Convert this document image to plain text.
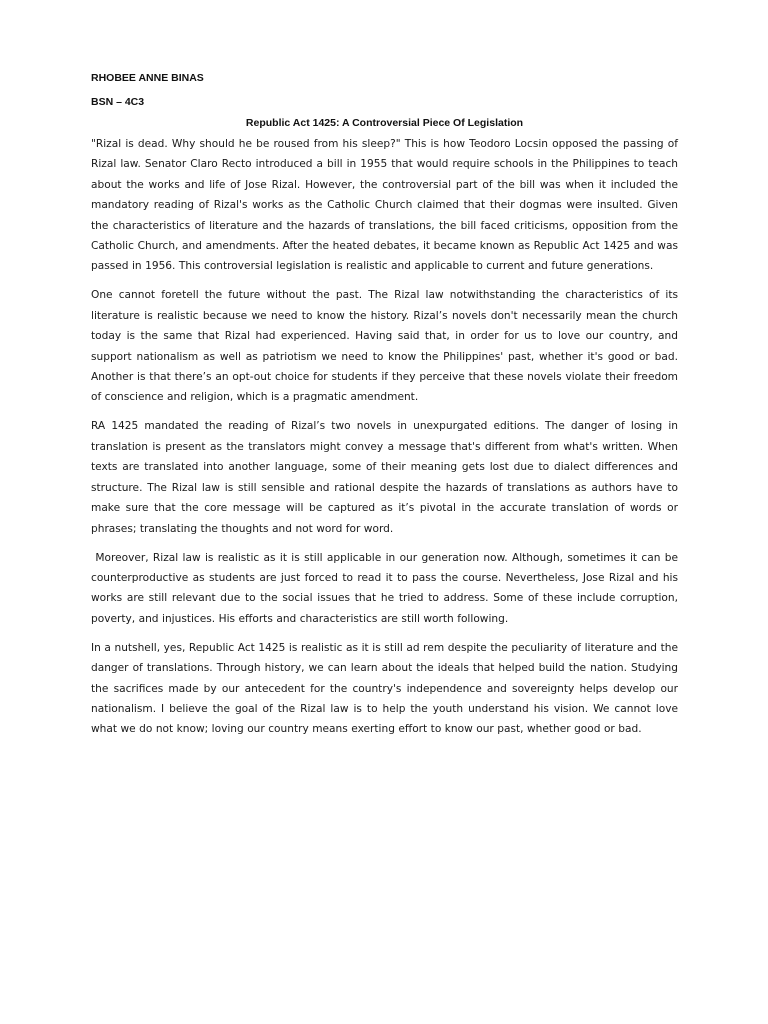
RHOBEE ANNE BINAS

BSN – 4C3

Republic Act 1425: A Controversial Piece Of Legislation

"Rizal is dead. Why should he be roused from his sleep?" This is how Teodoro Locsin opposed the passing of Rizal law. Senator Claro Recto introduced a bill in 1955 that would require schools in the Philippines to teach about the works and life of Jose Rizal. However, the controversial part of the bill was when it included the mandatory reading of Rizal's works as the Catholic Church claimed that their dogmas were insulted. Given the characteristics of literature and the hazards of translations, the bill faced criticisms, opposition from the Catholic Church, and amendments. After the heated debates, it became known as Republic Act 1425 and was passed in 1956. This controversial legislation is realistic and applicable to current and future generations.

One cannot foretell the future without the past. The Rizal law notwithstanding the characteristics of its literature is realistic because we need to know the history. Rizal’s novels don't necessarily mean the church today is the same that Rizal had experienced. Having said that, in order for us to love our country, and support nationalism as well as patriotism we need to know the Philippines' past, whether it's good or bad. Another is that there’s an opt-out choice for students if they perceive that these novels violate their freedom of conscience and religion, which is a pragmatic amendment.

RA 1425 mandated the reading of Rizal’s two novels in unexpurgated editions. The danger of losing in translation is present as the translators might convey a message that's different from what's written. When texts are translated into another language, some of their meaning gets lost due to dialect differences and structure. The Rizal law is still sensible and rational despite the hazards of translations as authors have to make sure that the core message will be captured as it’s pivotal in the accurate translation of words or phrases; translating the thoughts and not word for word.

Moreover, Rizal law is realistic as it is still applicable in our generation now. Although, sometimes it can be counterproductive as students are just forced to read it to pass the course. Nevertheless, Jose Rizal and his works are still relevant due to the social issues that he tried to address. Some of these include corruption, poverty, and injustices. His efforts and characteristics are still worth following.

In a nutshell, yes, Republic Act 1425 is realistic as it is still ad rem despite the peculiarity of literature and the danger of translations. Through history, we can learn about the ideals that helped build the nation. Studying the sacrifices made by our antecedent for the country's independence and sovereignty helps develop our nationalism. I believe the goal of the Rizal law is to help the youth understand his vision. We cannot love what we do not know; loving our country means exerting effort to know our past, whether good or bad.
